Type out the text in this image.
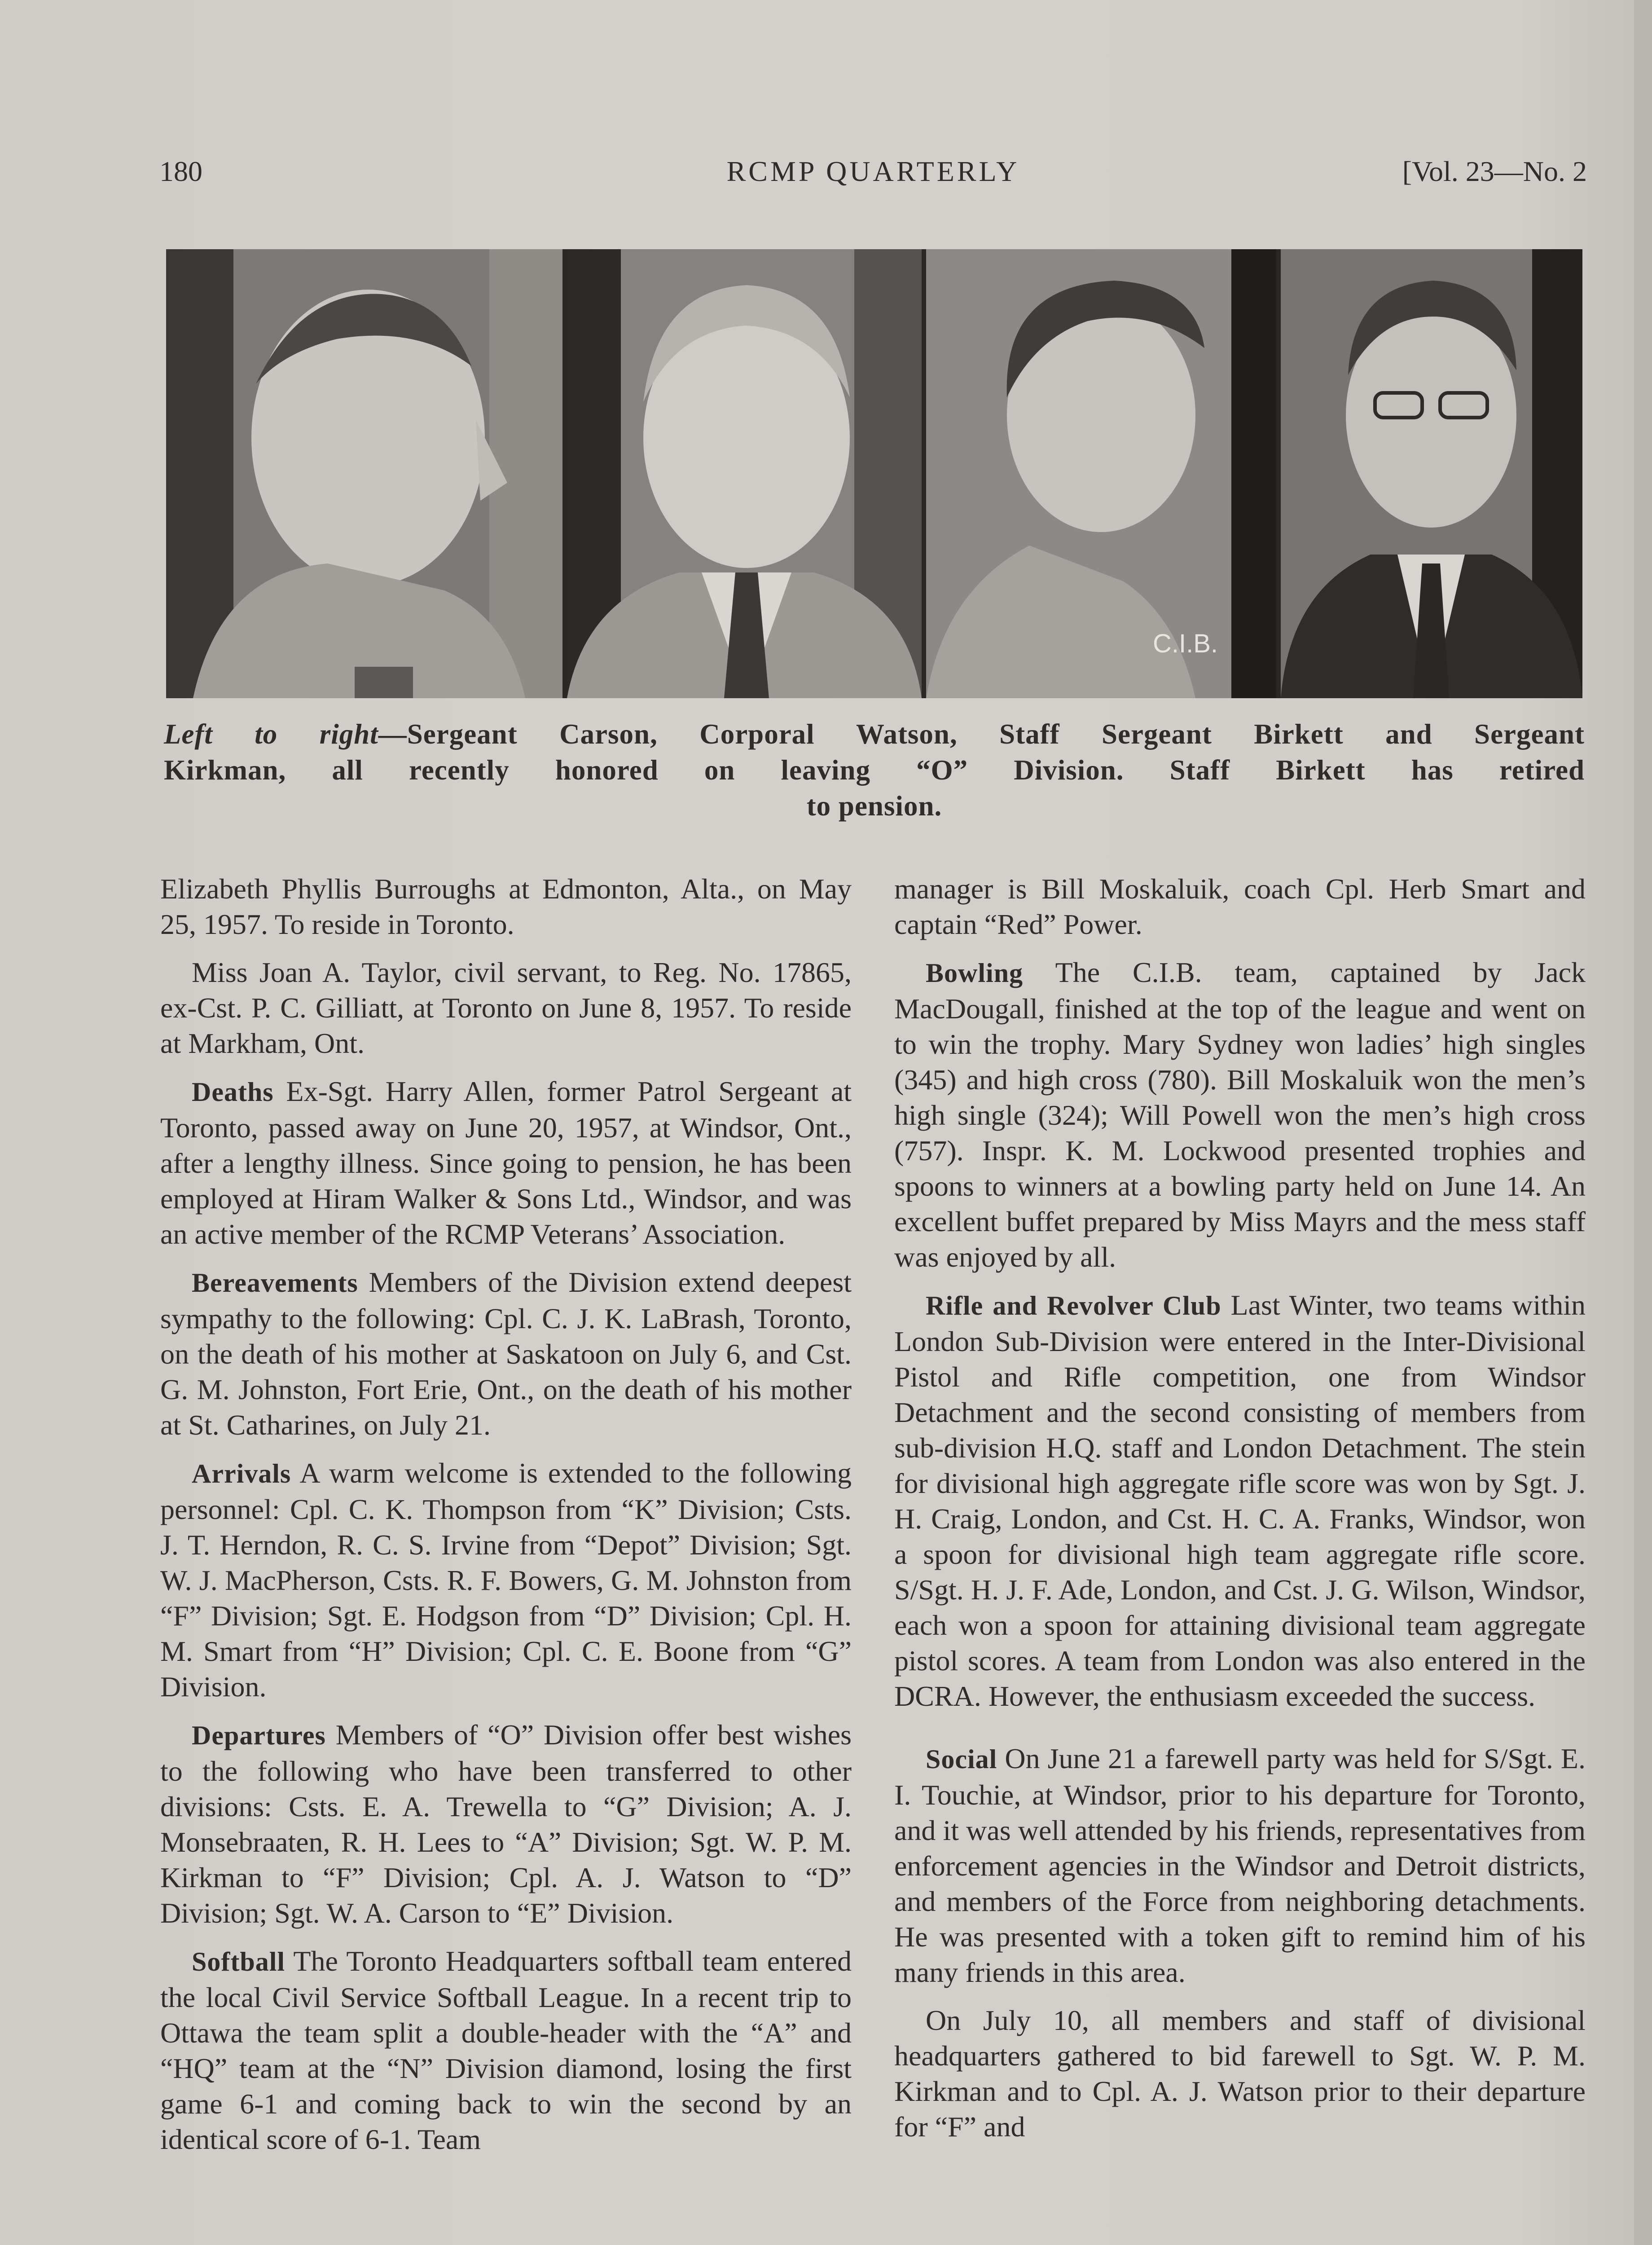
180	RCMP QUARTERLY	[Vol. 23—No. 2
C.I.B.
Left to right—Sergeant Carson, Corporal Watson, Staff Sergeant Birkett and Sergeant
Kirkman, all recently honored on leaving “O” Division. Staff Birkett has retired
to pension.

Elizabeth Phyllis Burroughs at Edmonton, Alta., on May 25, 1957. To reside in Toronto.

Miss Joan A. Taylor, civil servant, to Reg. No. 17865, ex-Cst. P. C. Gilliatt, at Toronto on June 8, 1957. To reside at Markham, Ont.

Deaths Ex-Sgt. Harry Allen, former Patrol Sergeant at Toronto, passed away on June 20, 1957, at Windsor, Ont., after a lengthy illness. Since going to pension, he has been employed at Hiram Walker & Sons Ltd., Windsor, and was an active member of the RCMP Veterans’ Association.

Bereavements Members of the Division extend deepest sympathy to the following: Cpl. C. J. K. LaBrash, Toronto, on the death of his mother at Saskatoon on July 6, and Cst. G. M. Johnston, Fort Erie, Ont., on the death of his mother at St. Catharines, on July 21.

Arrivals A warm welcome is extended to the following personnel: Cpl. C. K. Thompson from “K” Division; Csts. J. T. Herndon, R. C. S. Irvine from “Depot” Division; Sgt. W. J. MacPherson, Csts. R. F. Bowers, G. M. Johnston from “F” Division; Sgt. E. Hodgson from “D” Division; Cpl. H. M. Smart from “H” Division; Cpl. C. E. Boone from “G” Division.

Departures Members of “O” Division offer best wishes to the following who have been transferred to other divisions: Csts. E. A. Trewella to “G” Division; A. J. Monsebraaten, R. H. Lees to “A” Division; Sgt. W. P. M. Kirkman to “F” Division; Cpl. A. J. Watson to “D” Division; Sgt. W. A. Carson to “E” Division.

Softball The Toronto Headquarters softball team entered the local Civil Service Softball League. In a recent trip to Ottawa the team split a double-header with the “A” and “HQ” team at the “N” Division diamond, losing the first game 6-1 and coming back to win the second by an identical score of 6-1. Team

manager is Bill Moskaluik, coach Cpl. Herb Smart and captain “Red” Power.

Bowling The C.I.B. team, captained by Jack MacDougall, finished at the top of the league and went on to win the trophy. Mary Sydney won ladies’ high singles (345) and high cross (780). Bill Moskaluik won the men’s high single (324); Will Powell won the men’s high cross (757). Inspr. K. M. Lockwood presented trophies and spoons to winners at a bowling party held on June 14. An excellent buffet prepared by Miss Mayrs and the mess staff was enjoyed by all.

Rifle and Revolver Club Last Winter, two teams within London Sub-Division were entered in the Inter-Divisional Pistol and Rifle competition, one from Windsor Detachment and the second consisting of members from sub-division H.Q. staff and London Detachment. The stein for divisional high aggregate rifle score was won by Sgt. J. H. Craig, London, and Cst. H. C. A. Franks, Windsor, won a spoon for divisional high team aggregate rifle score. S/Sgt. H. J. F. Ade, London, and Cst. J. G. Wilson, Windsor, each won a spoon for attaining divisional team aggregate pistol scores. A team from London was also entered in the DCRA. However, the enthusiasm exceeded the success.

Social On June 21 a farewell party was held for S/Sgt. E. I. Touchie, at Windsor, prior to his departure for Toronto, and it was well attended by his friends, representatives from enforcement agencies in the Windsor and Detroit districts, and members of the Force from neighboring detachments. He was presented with a token gift to remind him of his many friends in this area.

On July 10, all members and staff of divisional headquarters gathered to bid farewell to Sgt. W. P. M. Kirkman and to Cpl. A. J. Watson prior to their departure for “F” and
